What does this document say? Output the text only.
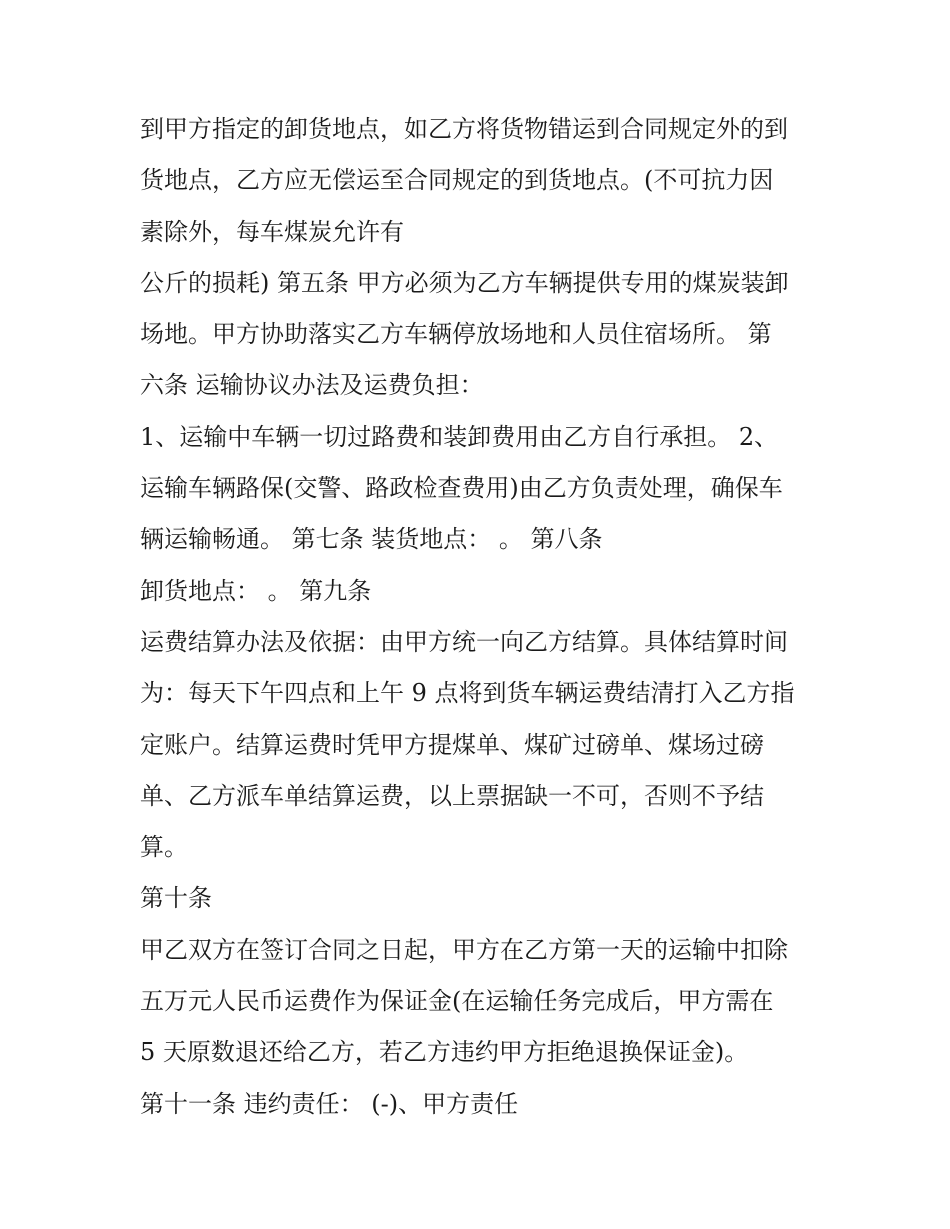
到甲方指定的卸货地点，如乙方将货物错运到合同规定外的到
货地点，乙方应无偿运至合同规定的到货地点。(不可抗力因
素除外，每车煤炭允许有
公斤的损耗) 第五条 甲方必须为乙方车辆提供专用的煤炭装卸
场地。甲方协助落实乙方车辆停放场地和人员住宿场所。 第
六条 运输协议办法及运费负担：
1、运输中车辆一切过路费和装卸费用由乙方自行承担。 2、
运输车辆路保(交警、路政检查费用)由乙方负责处理，确保车
辆运输畅通。 第七条 装货地点： 。 第八条
卸货地点： 。 第九条
运费结算办法及依据：由甲方统一向乙方结算。具体结算时间
为：每天下午四点和上午 9 点将到货车辆运费结清打入乙方指
定账户。结算运费时凭甲方提煤单、煤矿过磅单、煤场过磅
单、乙方派车单结算运费，以上票据缺一不可，否则不予结
算。
第十条
甲乙双方在签订合同之日起，甲方在乙方第一天的运输中扣除
五万元人民币运费作为保证金(在运输任务完成后，甲方需在
5 天原数退还给乙方，若乙方违约甲方拒绝退换保证金)。
第十一条 违约责任： (-)、甲方责任
